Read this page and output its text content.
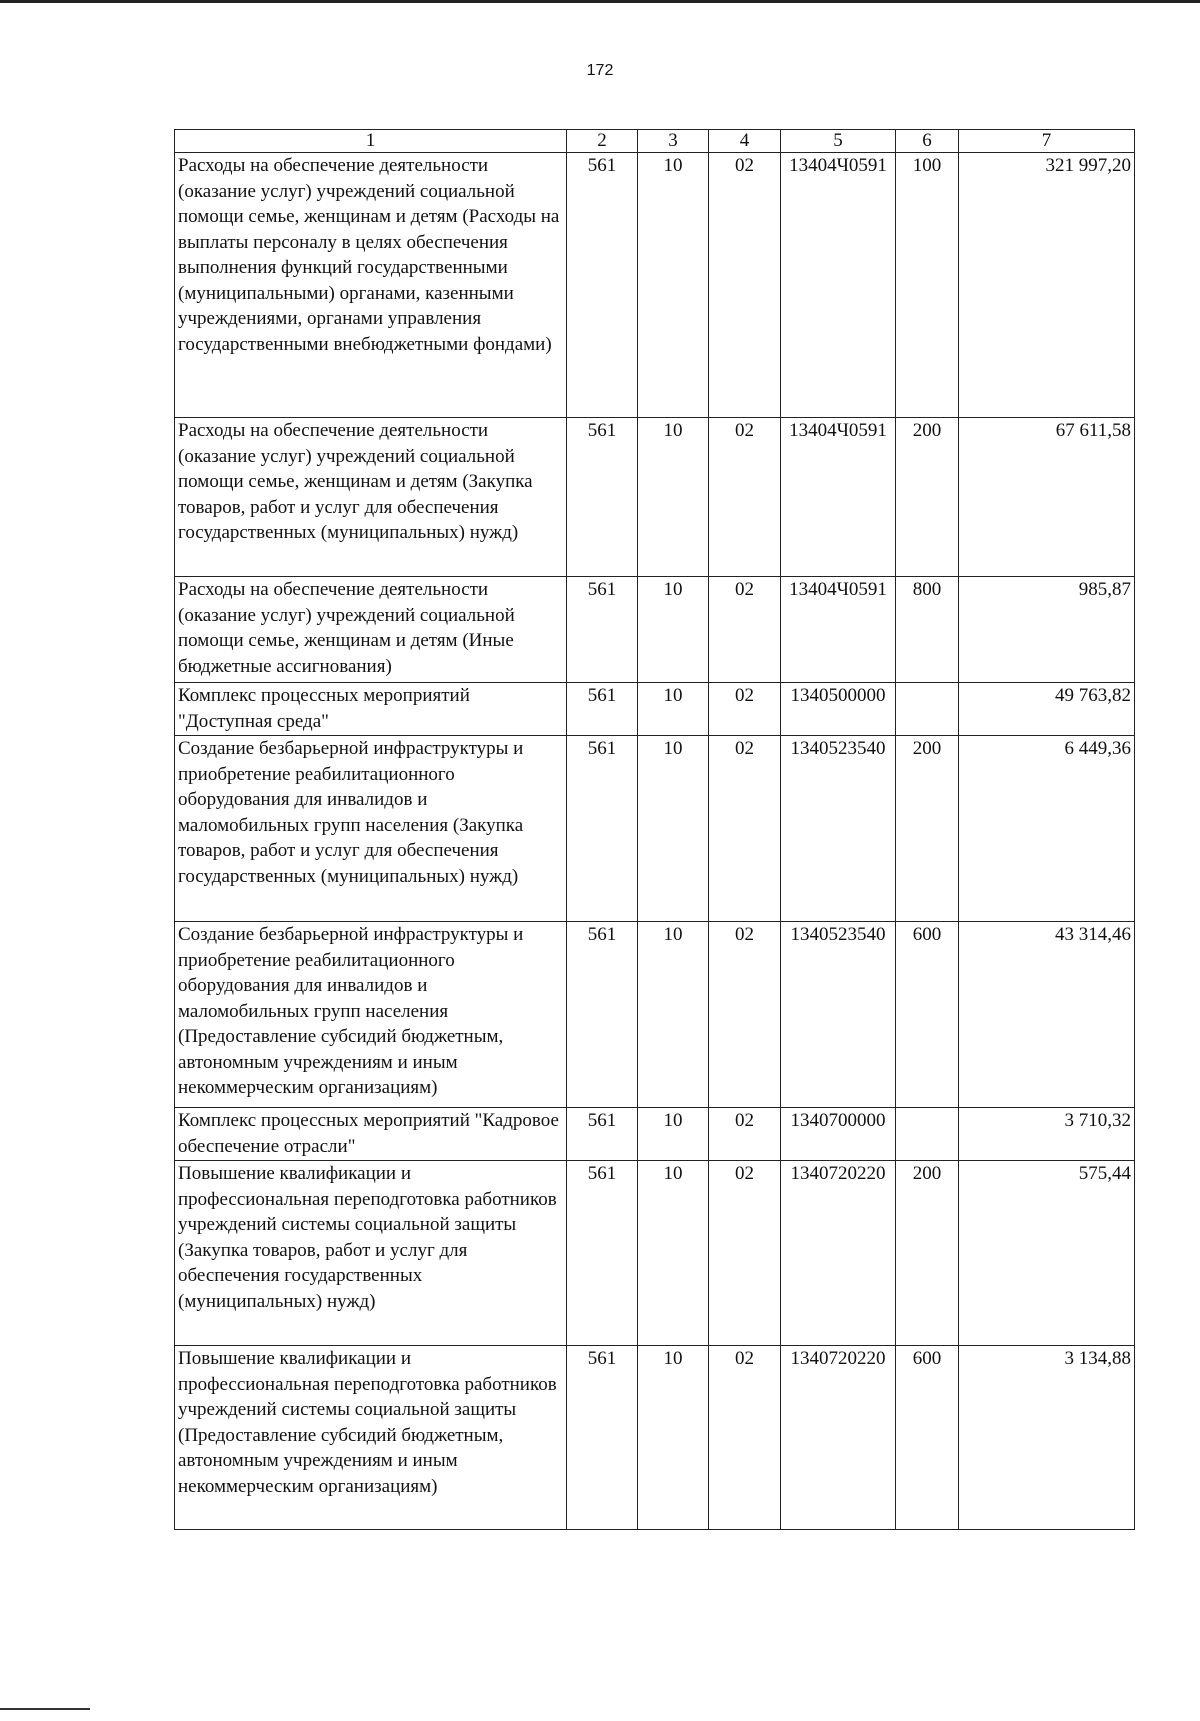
172
1	2	3	4	5	6	7
Расходы на обеспечение деятельности (оказание услуг) учреждений социальной помощи семье, женщинам и детям (Расходы на выплаты персоналу в целях обеспечения выполнения функций государственными (муниципальными) органами, казенными учреждениями, органами управления государственными внебюджетными фондами)	561	10	02	13404Ч0591	100	321 997,20
Расходы на обеспечение деятельности (оказание услуг) учреждений социальной помощи семье, женщинам и детям (Закупка товаров, работ и услуг для обеспечения государственных (муниципальных) нужд)	561	10	02	13404Ч0591	200	67 611,58
Расходы на обеспечение деятельности (оказание услуг) учреждений социальной помощи семье, женщинам и детям (Иные бюджетные ассигнования)	561	10	02	13404Ч0591	800	985,87
Комплекс процессных мероприятий "Доступная среда"	561	10	02	1340500000		49 763,82
Создание безбарьерной инфраструктуры и приобретение реабилитационного оборудования для инвалидов и маломобильных групп населения (Закупка товаров, работ и услуг для обеспечения государственных (муниципальных) нужд)	561	10	02	1340523540	200	6 449,36
Создание безбарьерной инфраструктуры и приобретение реабилитационного оборудования для инвалидов и маломобильных групп населения (Предоставление субсидий бюджетным, автономным учреждениям и иным некоммерческим организациям)	561	10	02	1340523540	600	43 314,46
Комплекс процессных мероприятий "Кадровое обеспечение отрасли"	561	10	02	1340700000		3 710,32
Повышение квалификации и профессиональная переподготовка работников учреждений системы социальной защиты (Закупка товаров, работ и услуг для обеспечения государственных (муниципальных) нужд)	561	10	02	1340720220	200	575,44
Повышение квалификации и профессиональная переподготовка работников учреждений системы социальной защиты (Предоставление субсидий бюджетным, автономным учреждениям и иным некоммерческим организациям)	561	10	02	1340720220	600	3 134,88
